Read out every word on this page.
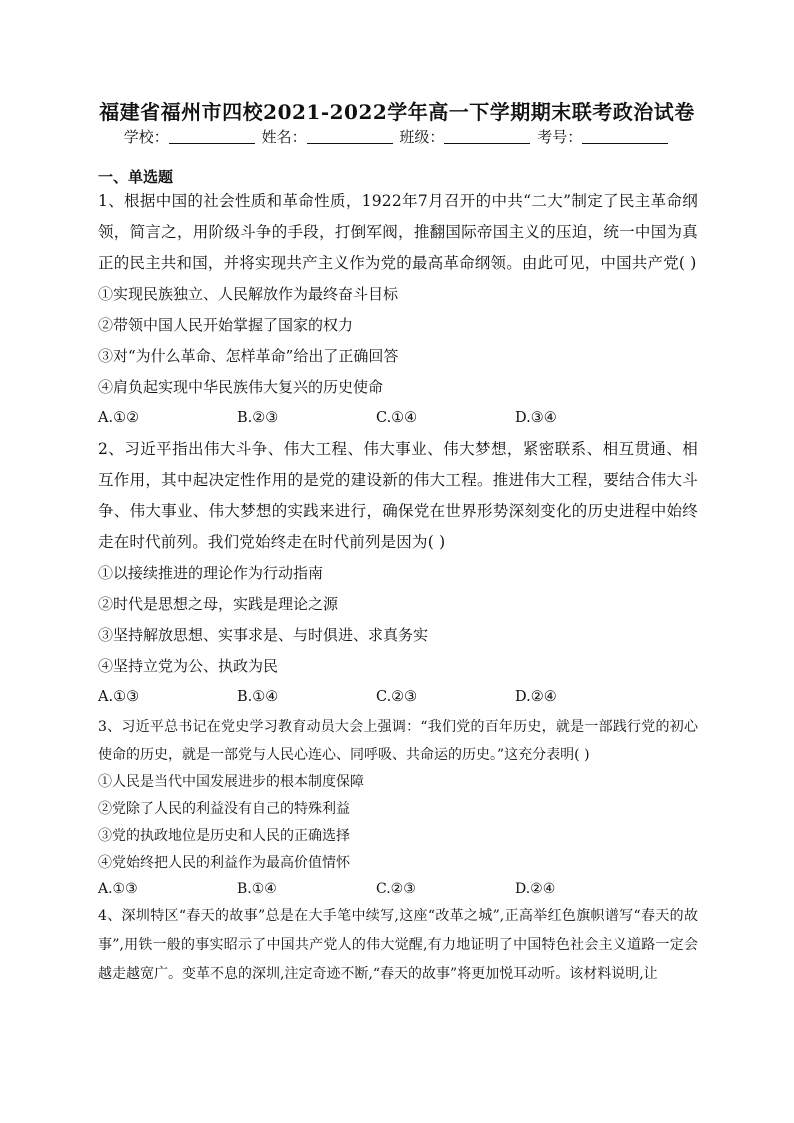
福建省福州市四校2021-2022学年高一下学期期末联考政治试卷
学校：	姓名：	班级：	考号：
一、单选题

1、根据中国的社会性质和革命性质，1922年7月召开的中共“二大”制定了民主革命纲领，简言之，用阶级斗争的手段，打倒军阀，推翻国际帝国主义的压迫，统一中国为真正的民主共和国，并将实现共产主义作为党的最高革命纲领。由此可见，中国共产党( )

①实现民族独立、人民解放作为最终奋斗目标

②带领中国人民开始掌握了国家的权力

③对“为什么革命、怎样革命”给出了正确回答

④肩负起实现中华民族伟大复兴的历史使命

A.①②	B.②③	C.①④	D.③④

2、习近平指出伟大斗争、伟大工程、伟大事业、伟大梦想，紧密联系、相互贯通、相互作用，其中起决定性作用的是党的建设新的伟大工程。推进伟大工程，要结合伟大斗争、伟大事业、伟大梦想的实践来进行，确保党在世界形势深刻变化的历史进程中始终走在时代前列。我们党始终走在时代前列是因为( )

①以接续推进的理论作为行动指南

②时代是思想之母，实践是理论之源

③坚持解放思想、实事求是、与时俱进、求真务实

④坚持立党为公、执政为民

A.①③	B.①④	C.②③	D.②④

3、习近平总书记在党史学习教育动员大会上强调：“我们党的百年历史，就是一部践行党的初心使命的历史，就是一部党与人民心连心、同呼吸、共命运的历史。”这充分表明( )

①人民是当代中国发展进步的根本制度保障

②党除了人民的利益没有自己的特殊利益

③党的执政地位是历史和人民的正确选择

④党始终把人民的利益作为最高价值情怀

A.①③	B.①④	C.②③	D.②④

4、深圳特区“春天的故事”总是在大手笔中续写,这座“改革之城”,正高举红色旗帜谱写“春天的故事”,用铁一般的事实昭示了中国共产党人的伟大觉醒,有力地证明了中国特色社会主义道路一定会越走越宽广。变革不息的深圳,注定奇迹不断,“春天的故事”将更加悦耳动听。该材料说明,让
